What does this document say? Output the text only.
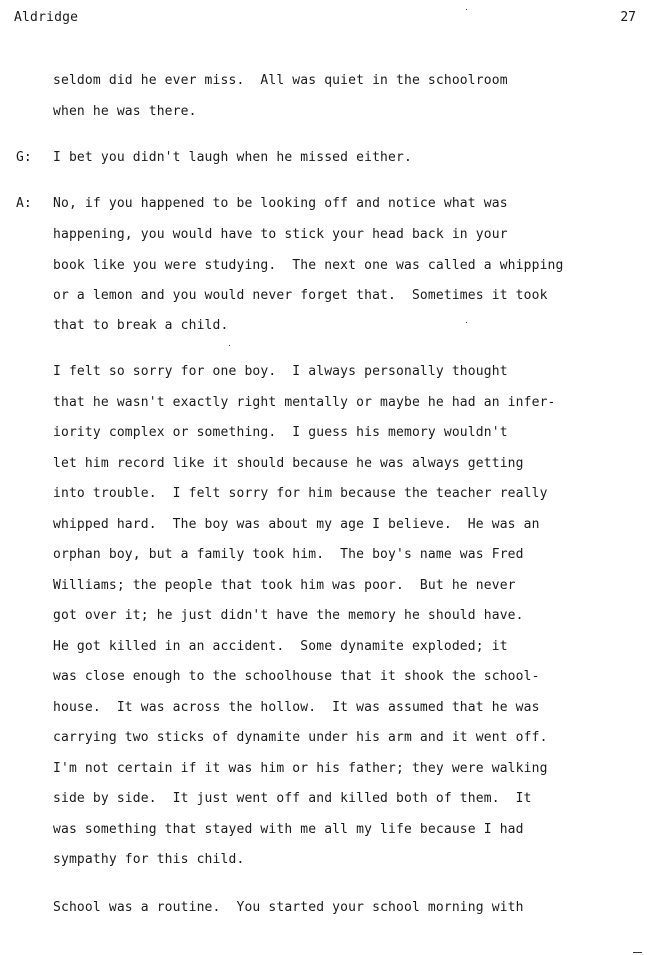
Aldridge	27
seldom did he ever miss.  All was quiet in the schoolroom
when he was there.
G: I bet you didn't laugh when he missed either.
A: No, if you happened to be looking off and notice what was
happening, you would have to stick your head back in your
book like you were studying.  The next one was called a whipping
or a lemon and you would never forget that.  Sometimes it took
that to break a child.
I felt so sorry for one boy.  I always personally thought
that he wasn't exactly right mentally or maybe he had an infer-
iority complex or something.  I guess his memory wouldn't
let him record like it should because he was always getting
into trouble.  I felt sorry for him because the teacher really
whipped hard.  The boy was about my age I believe.  He was an
orphan boy, but a family took him.  The boy's name was Fred
Williams; the people that took him was poor.  But he never
got over it; he just didn't have the memory he should have.
He got killed in an accident.  Some dynamite exploded; it
was close enough to the schoolhouse that it shook the school-
house.  It was across the hollow.  It was assumed that he was
carrying two sticks of dynamite under his arm and it went off.
I'm not certain if it was him or his father; they were walking
side by side.  It just went off and killed both of them.  It
was something that stayed with me all my life because I had
sympathy for this child.
School was a routine.  You started your school morning with
